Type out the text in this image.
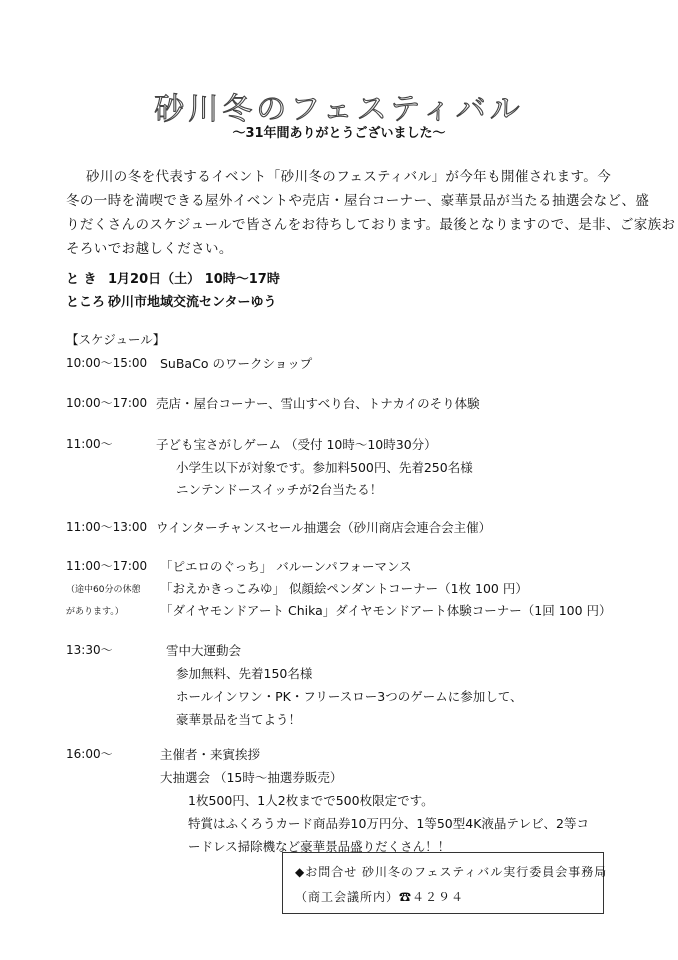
砂川冬のフェスティバル
～31年間ありがとうございました～
砂川の冬を代表するイベント「砂川冬のフェスティバル」が今年も開催されます。今
冬の一時を満喫できる屋外イベントや売店・屋台コーナー、豪華景品が当たる抽選会など、盛
りだくさんのスケジュールで皆さんをお待ちしております。最後となりますので、是非、ご家族お
そろいでお越しください。
と き 1月20日（土） 10時～17時
ところ 砂川市地域交流センターゆう
【スケジュール】
10:00～15:00 SuBaCo のワークショップ
10:00～17:00 売店・屋台コーナー、雪山すべり台、トナカイのそり体験
11:00～	子ども宝さがしゲーム （受付 10時～10時30分）
小学生以下が対象です。参加料500円、先着250名様
ニンテンドースイッチが2台当たる！
11:00～13:00 ウインターチャンスセール抽選会（砂川商店会連合会主催）
11:00～17:00
（途中60分の休憩
があります。）
「ピエロのぐっち」 バルーンパフォーマンス
「おえかきっこみゆ」 似顔絵ペンダントコーナー（1枚 100 円）
「ダイヤモンドアート Chika」ダイヤモンドアート体験コーナー（1回 100 円）
13:30～	雪中大運動会
参加無料、先着150名様
ホールインワン・PK・フリースロー3つのゲームに参加して、
豪華景品を当てよう！
16:00～	主催者・来賓挨拶
大抽選会 （15時～抽選券販売）
1枚500円、1人2枚までで500枚限定です。
特賞はふくろうカード商品券10万円分、1等50型4K液晶テレビ、2等コ
ードレス掃除機など豪華景品盛りだくさん！！
◆お問合せ 砂川冬のフェスティバル実行委員会事務局
（商工会議所内）☎４２９４
